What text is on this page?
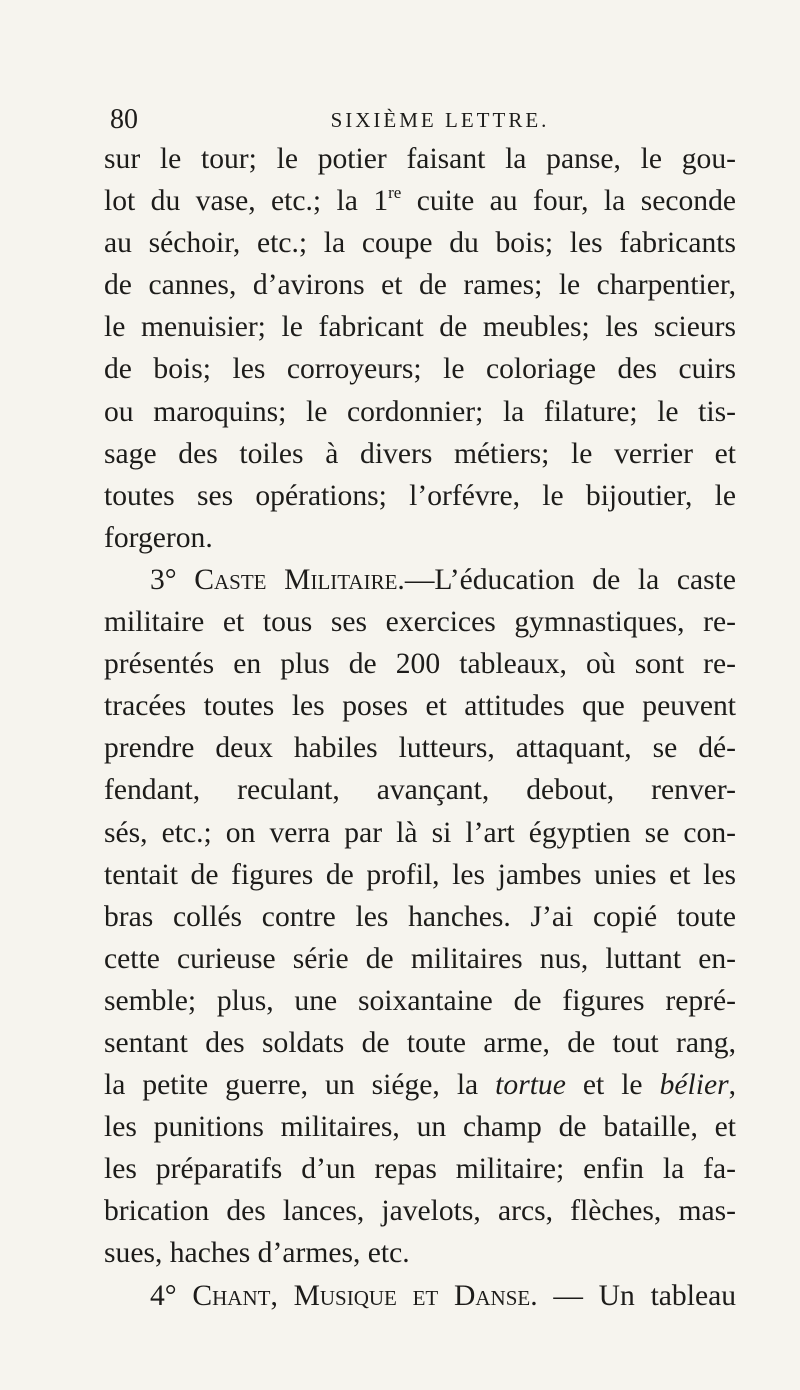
80	SIXIÈME LETTRE.
sur le tour; le potier faisant la panse, le gou-
lot du vase, etc.; la 1re cuite au four, la seconde
au séchoir, etc.; la coupe du bois; les fabricants
de cannes, d’avirons et de rames; le charpentier,
le menuisier; le fabricant de meubles; les scieurs
de bois; les corroyeurs; le coloriage des cuirs
ou maroquins; le cordonnier; la filature; le tis-
sage des toiles à divers métiers; le verrier et
toutes ses opérations; l’orfévre, le bijoutier, le
forgeron.
3° Caste Militaire.—L’éducation de la caste
militaire et tous ses exercices gymnastiques, re-
présentés en plus de 200 tableaux, où sont re-
tracées toutes les poses et attitudes que peuvent
prendre deux habiles lutteurs, attaquant, se dé-
fendant, reculant, avançant, debout, renver-
sés, etc.; on verra par là si l’art égyptien se con-
tentait de figures de profil, les jambes unies et les
bras collés contre les hanches. J’ai copié toute
cette curieuse série de militaires nus, luttant en-
semble; plus, une soixantaine de figures repré-
sentant des soldats de toute arme, de tout rang,
la petite guerre, un siége, la tortue et le bélier,
les punitions militaires, un champ de bataille, et
les préparatifs d’un repas militaire; enfin la fa-
brication des lances, javelots, arcs, flèches, mas-
sues, haches d’armes, etc.
4° Chant, Musique et Danse. — Un tableau
